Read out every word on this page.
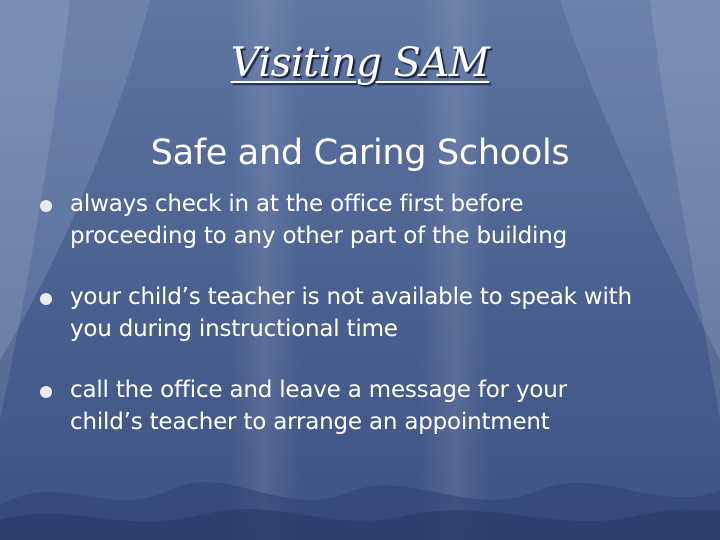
Visiting SAM
Safe and Caring Schools
always check in at the office first before
proceeding to any other part of the building
your child’s teacher is not available to speak with
you during instructional time
call the office and leave a message for your
child’s teacher to arrange an appointment
